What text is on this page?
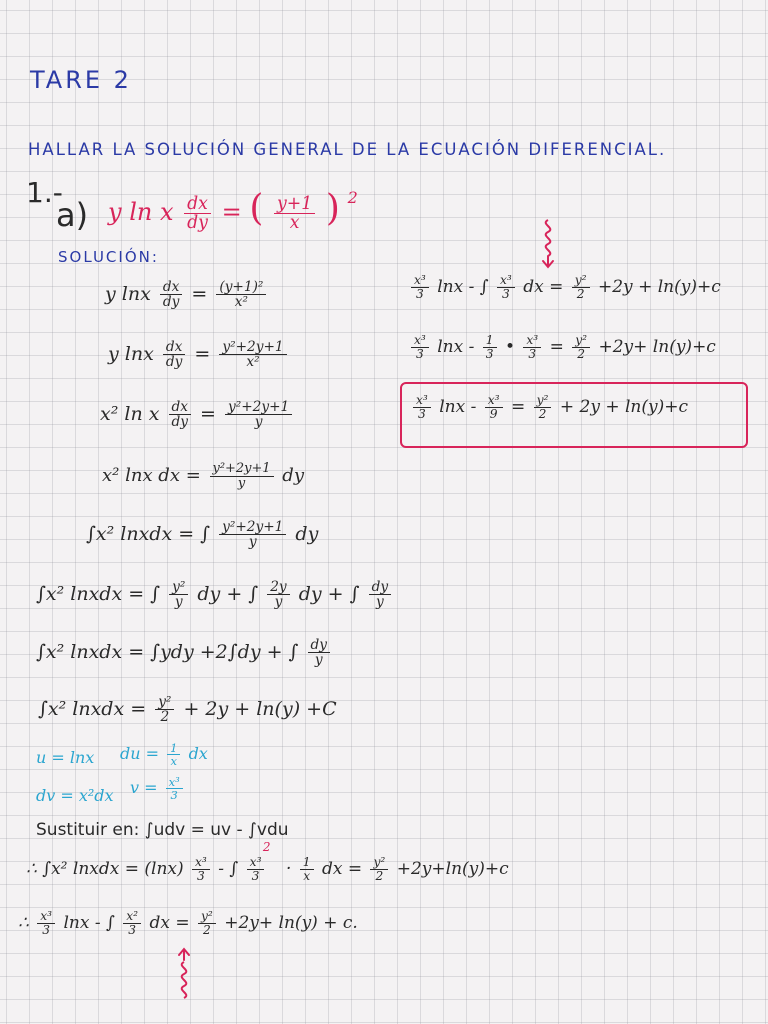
TARE 2
HALLAR LA SOLUCIÓN GENERAL DE LA ECUACIÓN DIFERENCIAL.
1.-
a) y ln x $\frac{dx}{dy}$ = ( $\frac{y+1}{x}$ ) $^2$
SOLUCIÓN:
y lnx $\frac{dx}{dy} = \frac{\text{(y+1)²}}{\text{x²}}$
y lnx $\frac{dx}{dy} = \frac{\text{y²+2y+1}}{\text{x²}}$
x² ln x $\frac{dx}{dy} = \frac{\text{y²+2y+1}}{y}$
x² lnx dx = $\frac{\text{y²+2y+1}}{y}$ dy
∫x² lnxdx = ∫ $\frac{\text{y²+2y+1}}{y}$ dy
∫x² lnxdx = ∫ $\frac{\text{y²}}{y}$ dy + ∫ $\frac{2y}{y}$ dy + ∫ $\frac{dy}{y}$
∫x² lnxdx = ∫ydy +2∫dy + ∫ $\frac{dy}{y}$
∫x² lnxdx = $\frac{\text{y²}}{2} + 2y + \ln(y) +C$
u = lnx du = $\frac{1}{x}$ dx
dv = x²dx $v = \frac{\text{x³}}{3}$
Sustituir en: ∫udv = uv - ∫vdu
∴ ∫x² lnxdx = $(\ln x) \frac{\text{x³}}{3}$ - ∫ $\frac{\text{x³}}{3}$
$^2 \cdot \frac{1}{x}$ dx = $\frac{\text{y²}}{2} +2y+\ln(y)+c$
∴ $\frac{\text{x³}}{3}$ lnx - ∫ $\frac{\text{x²}}{3}$ dx = $\frac{\text{y²}}{2} +2y+ \ln(y) + c$.
$\frac{\text{x³}}{3}$ lnx - ∫ $\frac{\text{x³}}{3}$ dx = $\frac{\text{y²}}{2} +2y + \ln(y)+c$
$\frac{\text{x³}}{3}$ lnx - $\frac{1}{3}$ • $\frac{\text{x³}}{3} = \frac{\text{y²}}{2} +2y+ \ln(y)+c$
$\frac{\text{x³}}{3}$ $\ln x - \frac{\text{x³}}{9} = \frac{\text{y²}}{2} + 2y + \ln(y)+c$
